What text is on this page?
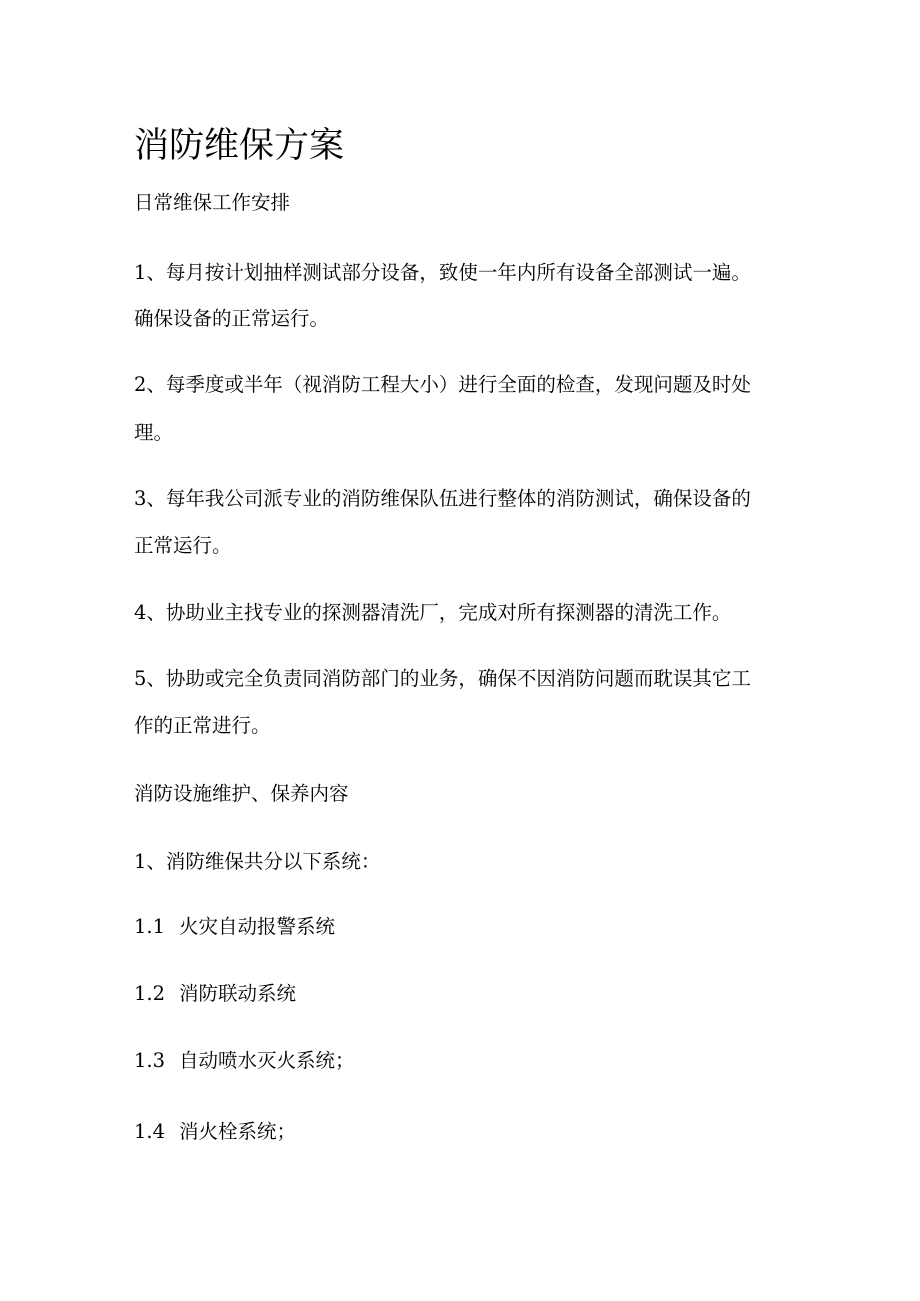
消防维保方案

日常维保工作安排

1、每月按计划抽样测试部分设备，致使一年内所有设备全部测试一遍。

确保设备的正常运行。

2、每季度或半年（视消防工程大小）进行全面的检查，发现问题及时处

理。

3、每年我公司派专业的消防维保队伍进行整体的消防测试，确保设备的

正常运行。

4、协助业主找专业的探测器清洗厂，完成对所有探测器的清洗工作。

5、协助或完全负责同消防部门的业务，确保不因消防问题而耽误其它工

作的正常进行。

消防设施维护、保养内容

1、消防维保共分以下系统：

1.1 火灾自动报警系统

1.2 消防联动系统

1.3 自动喷水灭火系统；

1.4 消火栓系统；
